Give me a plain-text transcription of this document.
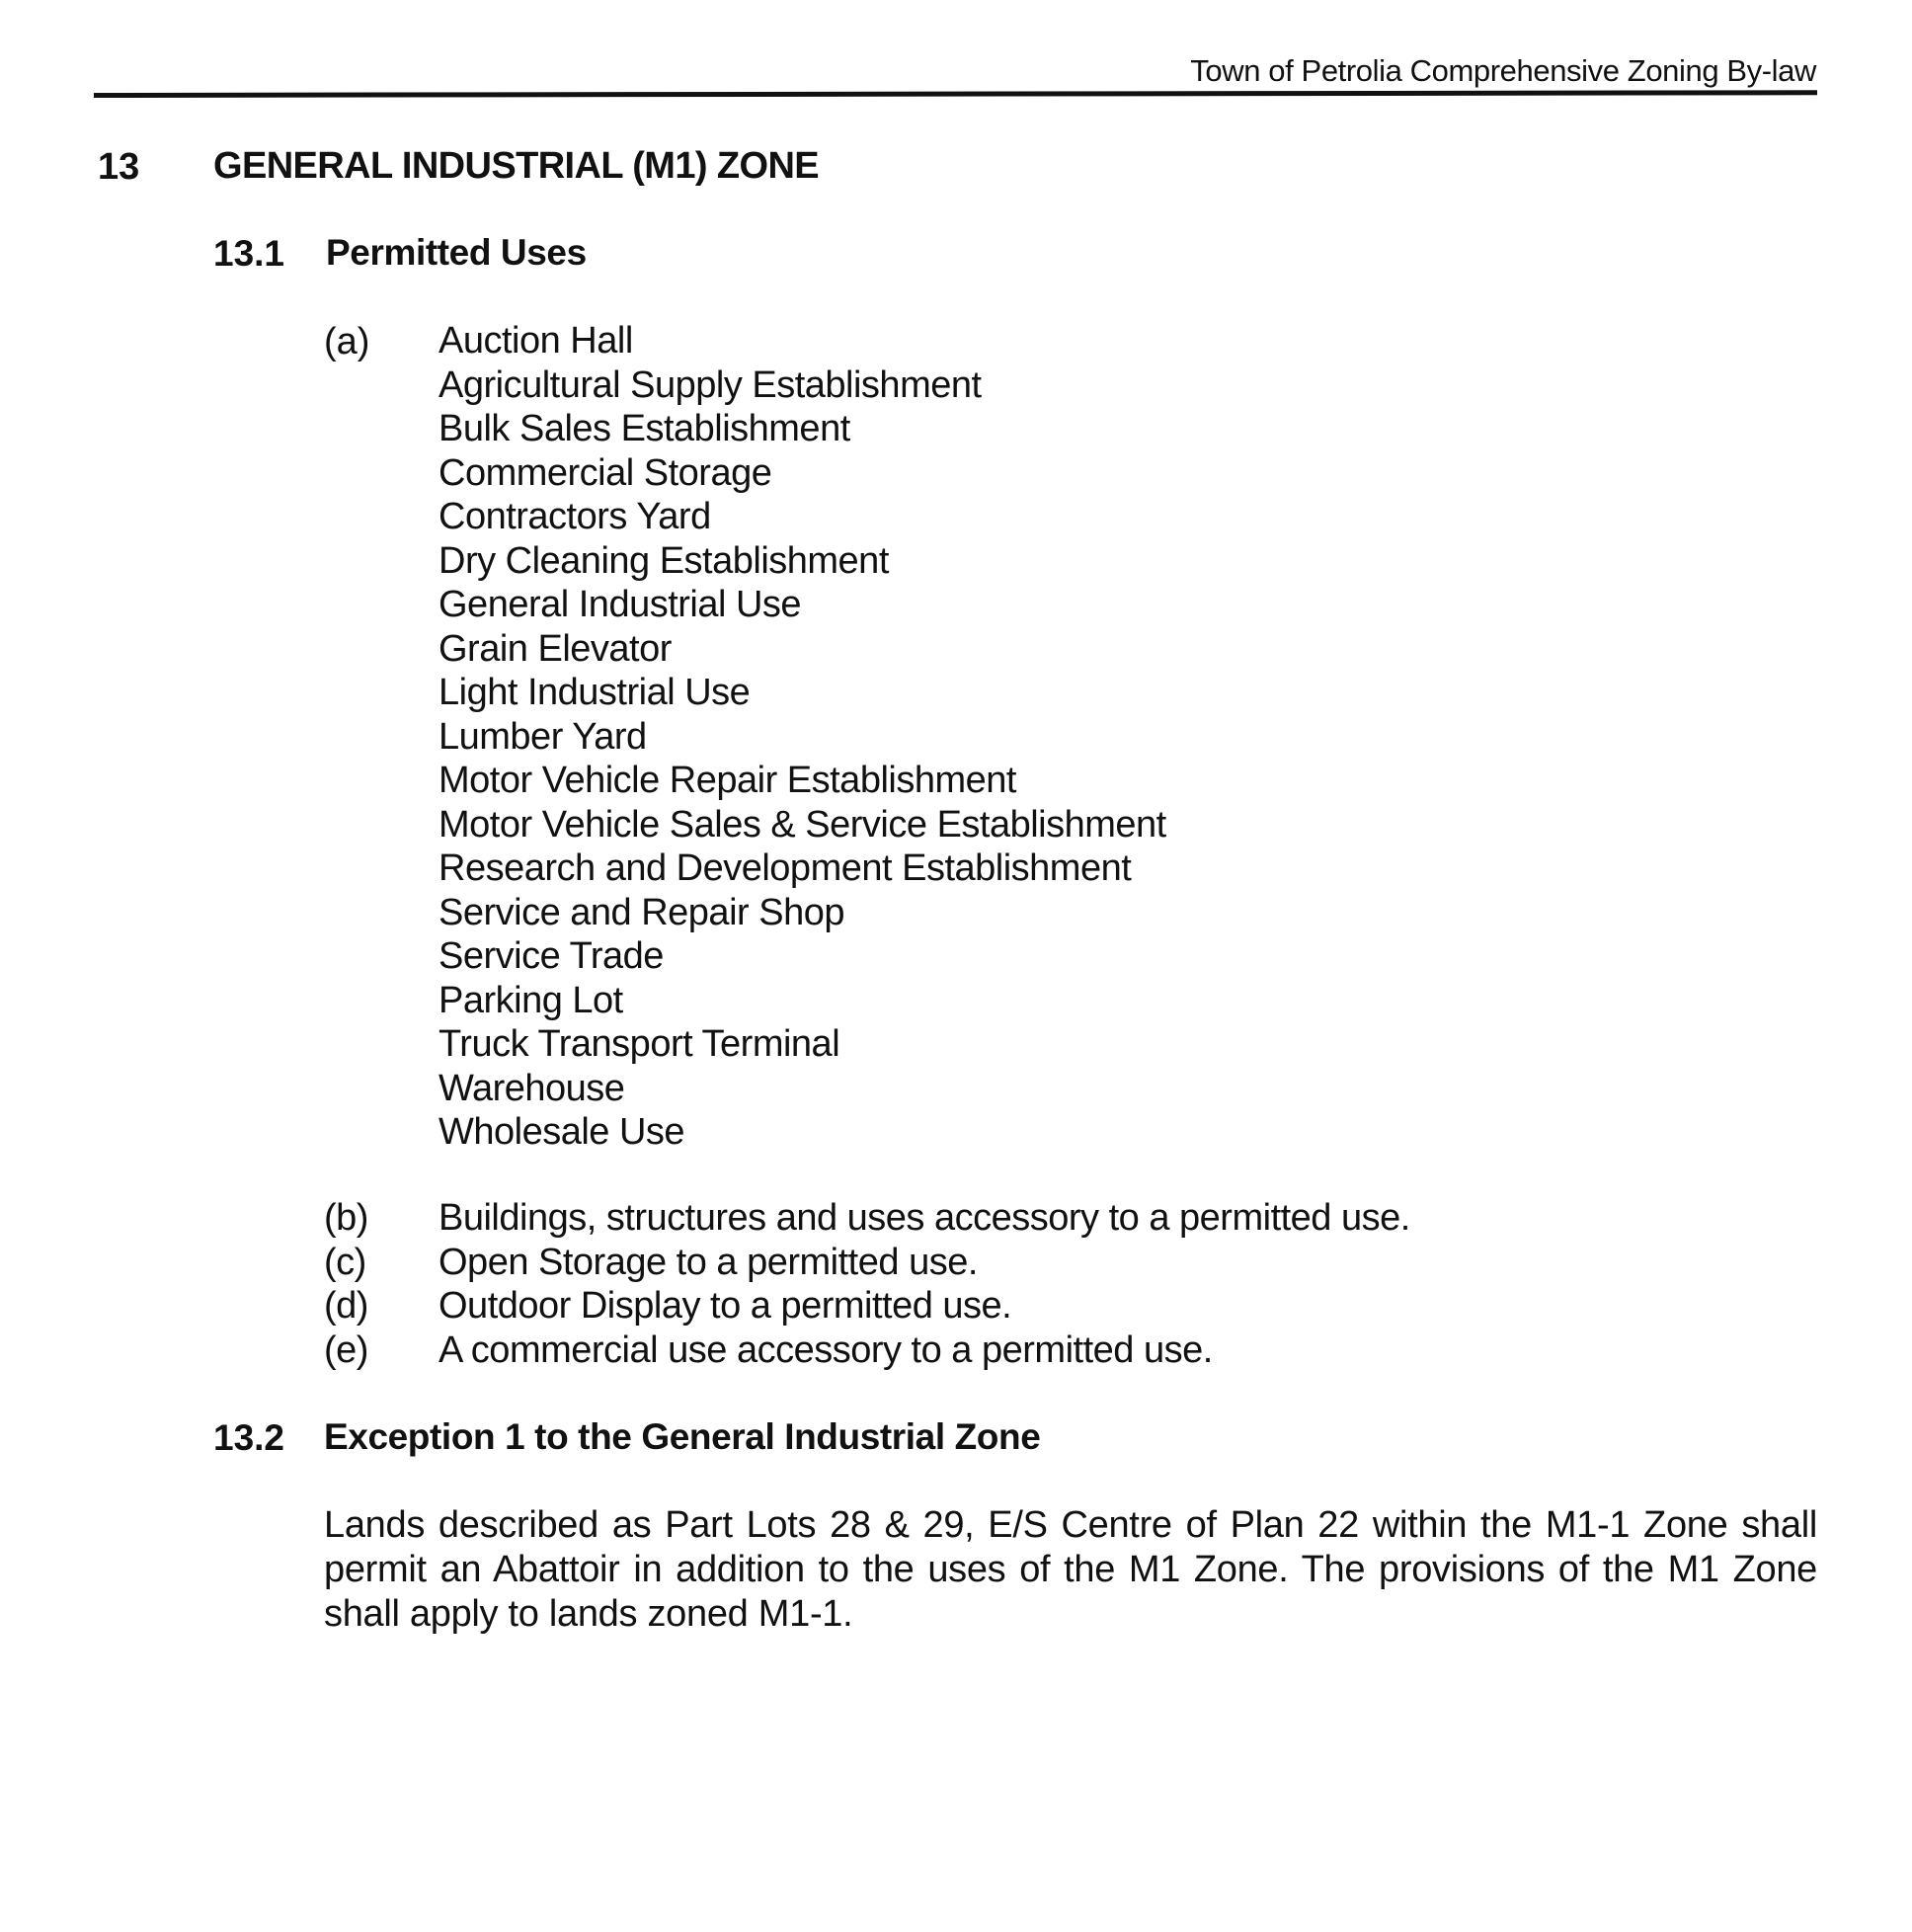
Town of Petrolia Comprehensive Zoning By-law
13 GENERAL INDUSTRIAL (M1) ZONE
13.1 Permitted Uses
(a) Auction Hall
Agricultural Supply Establishment
Bulk Sales Establishment
Commercial Storage
Contractors Yard
Dry Cleaning Establishment
General Industrial Use
Grain Elevator
Light Industrial Use
Lumber Yard
Motor Vehicle Repair Establishment
Motor Vehicle Sales & Service Establishment
Research and Development Establishment
Service and Repair Shop
Service Trade
Parking Lot
Truck Transport Terminal
Warehouse
Wholesale Use
(b) Buildings, structures and uses accessory to a permitted use.
(c) Open Storage to a permitted use.
(d) Outdoor Display to a permitted use.
(e) A commercial use accessory to a permitted use.
13.2 Exception 1 to the General Industrial Zone

Lands described as Part Lots 28 & 29, E/S Centre of Plan 22 within the M1-1 Zone shall permit an Abattoir in addition to the uses of the M1 Zone. The provisions of the M1 Zone shall apply to lands zoned M1-1.
